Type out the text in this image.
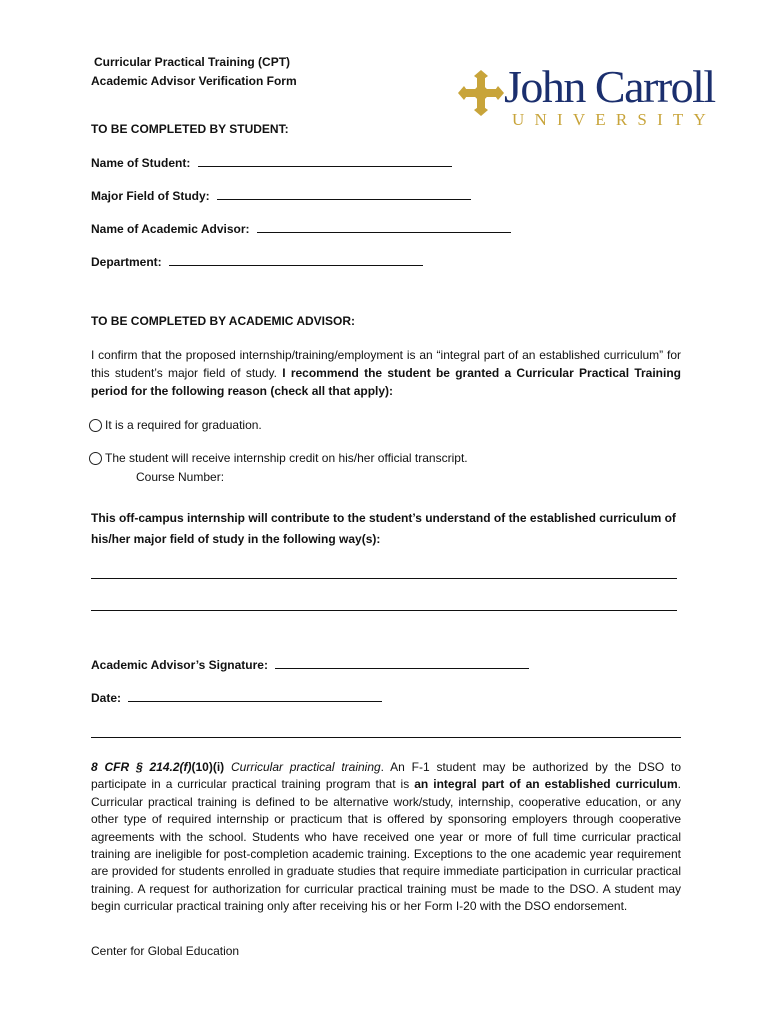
Curricular Practical Training (CPT)
Academic Advisor Verification Form	John Carroll
UNIVERSITY
TO BE COMPLETED BY STUDENT:
Name of Student:
Major Field of Study:
Name of Academic Advisor:
Department:
TO BE COMPLETED BY ACADEMIC ADVISOR:
I confirm that the proposed internship/training/employment is an “integral part of an established curriculum” for this student’s major field of study. I recommend the student be granted a Curricular Practical Training period for the following reason (check all that apply):
It is a required for graduation.
The student will receive internship credit on his/her official transcript.
Course Number:
This off-campus internship will contribute to the student’s understand of the established curriculum of his/her major field of study in the following way(s):
Academic Advisor’s Signature:
Date:
8 CFR § 214.2(f)(10)(i) Curricular practical training. An F-1 student may be authorized by the DSO to participate in a curricular practical training program that is an integral part of an established curriculum. Curricular practical training is defined to be alternative work/study, internship, cooperative education, or any other type of required internship or practicum that is offered by sponsoring employers through cooperative agreements with the school. Students who have received one year or more of full time curricular practical training are ineligible for post-completion academic training. Exceptions to the one academic year requirement are provided for students enrolled in graduate studies that require immediate participation in curricular practical training. A request for authorization for curricular practical training must be made to the DSO. A student may begin curricular practical training only after receiving his or her Form I-20 with the DSO endorsement.
Center for Global Education
